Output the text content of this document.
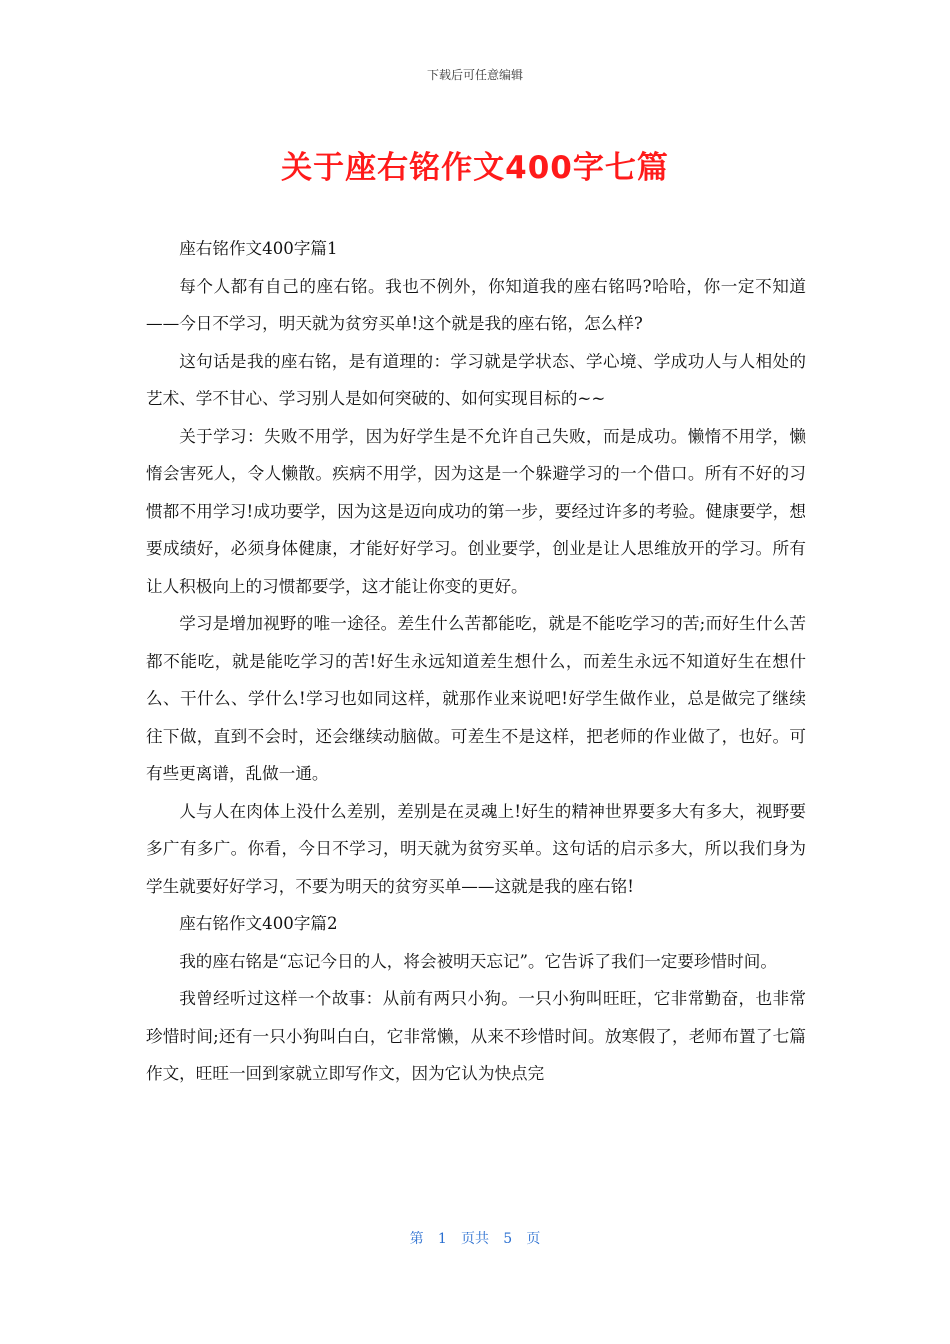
下载后可任意编辑
关于座右铭作文400字七篇

座右铭作文400字篇1

每个人都有自己的座右铭。我也不例外，你知道我的座右铭吗?哈哈，你一定不知道——今日不学习，明天就为贫穷买单!这个就是我的座右铭，怎么样?

这句话是我的座右铭，是有道理的：学习就是学状态、学心境、学成功人与人相处的艺术、学不甘心、学习别人是如何突破的、如何实现目标的~~

关于学习：失败不用学，因为好学生是不允许自己失败，而是成功。懒惰不用学，懒惰会害死人，令人懒散。疾病不用学，因为这是一个躲避学习的一个借口。所有不好的习惯都不用学习!成功要学，因为这是迈向成功的第一步，要经过许多的考验。健康要学，想要成绩好，必须身体健康，才能好好学习。创业要学，创业是让人思维放开的学习。所有让人积极向上的习惯都要学，这才能让你变的更好。

学习是增加视野的唯一途径。差生什么苦都能吃，就是不能吃学习的苦;而好生什么苦都不能吃，就是能吃学习的苦!好生永远知道差生想什么，而差生永远不知道好生在想什么、干什么、学什么!学习也如同这样，就那作业来说吧!好学生做作业，总是做完了继续往下做，直到不会时，还会继续动脑做。可差生不是这样，把老师的作业做了，也好。可有些更离谱，乱做一通。

人与人在肉体上没什么差别，差别是在灵魂上!好生的精神世界要多大有多大，视野要多广有多广。你看，今日不学习，明天就为贫穷买单。这句话的启示多大，所以我们身为学生就要好好学习，不要为明天的贫穷买单——这就是我的座右铭!

座右铭作文400字篇2

我的座右铭是“忘记今日的人，将会被明天忘记”。它告诉了我们一定要珍惜时间。

我曾经听过这样一个故事：从前有两只小狗。一只小狗叫旺旺，它非常勤奋，也非常珍惜时间;还有一只小狗叫白白，它非常懒，从来不珍惜时间。放寒假了，老师布置了七篇作文，旺旺一回到家就立即写作文，因为它认为快点完

第 1 页共 5 页
